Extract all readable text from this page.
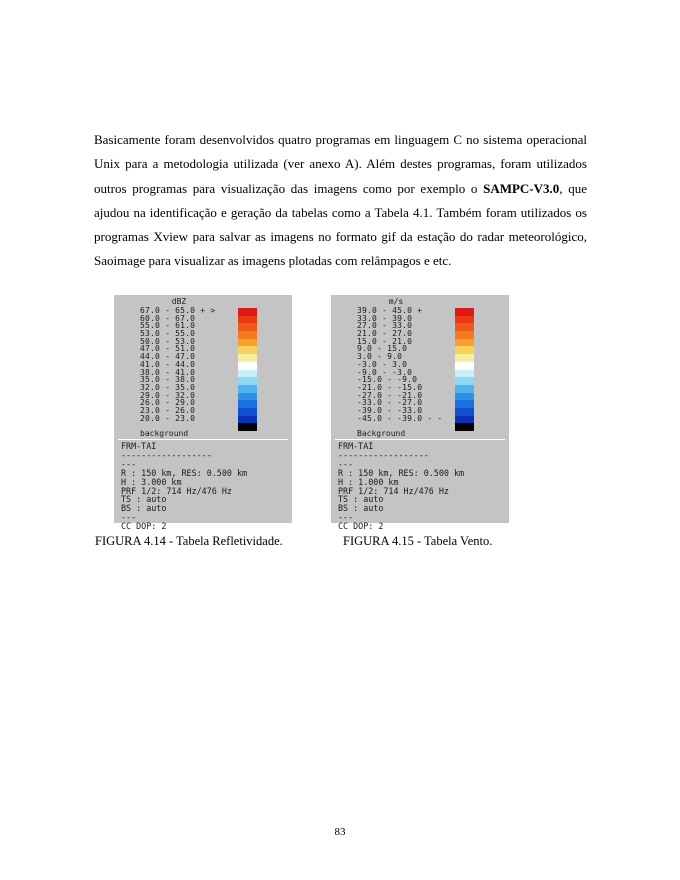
Basicamente foram desenvolvidos quatro programas em linguagem C no sistema operacional Unix para a metodologia utilizada (ver anexo A). Além destes programas, foram utilizados outros programas para visualização das imagens como por exemplo o SAMPC-V3.0, que ajudou na identificação e geração da tabelas como a Tabela 4.1. Também foram utilizados os programas Xview para salvar as imagens no formato gif da estação do radar meteorológico, Saoimage para visualizar as imagens plotadas com relâmpagos e etc.

dBZ
67.0 - 65.0 + >
60.0 - 67.0
55.0 - 61.0
53.0 - 55.0
50.0 - 53.0
47.0 - 51.0
44.0 - 47.0
41.0 - 44.0
38.0 - 41.0
35.0 - 38.0
32.0 - 35.0
29.0 - 32.0
26.0 - 29.0
23.0 - 26.0
20.0 - 23.0
background
FRM-TAI
------------------
---
R : 150 km, RES: 0.500 km
H : 3.000 km
PRF 1/2: 714 Hz/476 Hz
TS : auto
BS : auto
---
CC DOP: 2
m/s
39.0 - 45.0 +
33.0 - 39.0
27.0 - 33.0
21.0 - 27.0
15.0 - 21.0
9.0 - 15.0
3.0 - 9.0
-3.0 - 3.0
-9.0 - -3.0
-15.0 - -9.0
-21.0 - -15.0
-27.0 - -21.0
-33.0 - -27.0
-39.0 - -33.0
-45.0 - -39.0 - -
Background
FRM-TAI
------------------
---
R : 150 km, RES: 0.500 km
H : 1.000 km
PRF 1/2: 714 Hz/476 Hz
TS : auto
BS : auto
---
CC DOP: 2
FIGURA 4.14 - Tabela Refletividade.	FIGURA 4.15 - Tabela Vento.
83
